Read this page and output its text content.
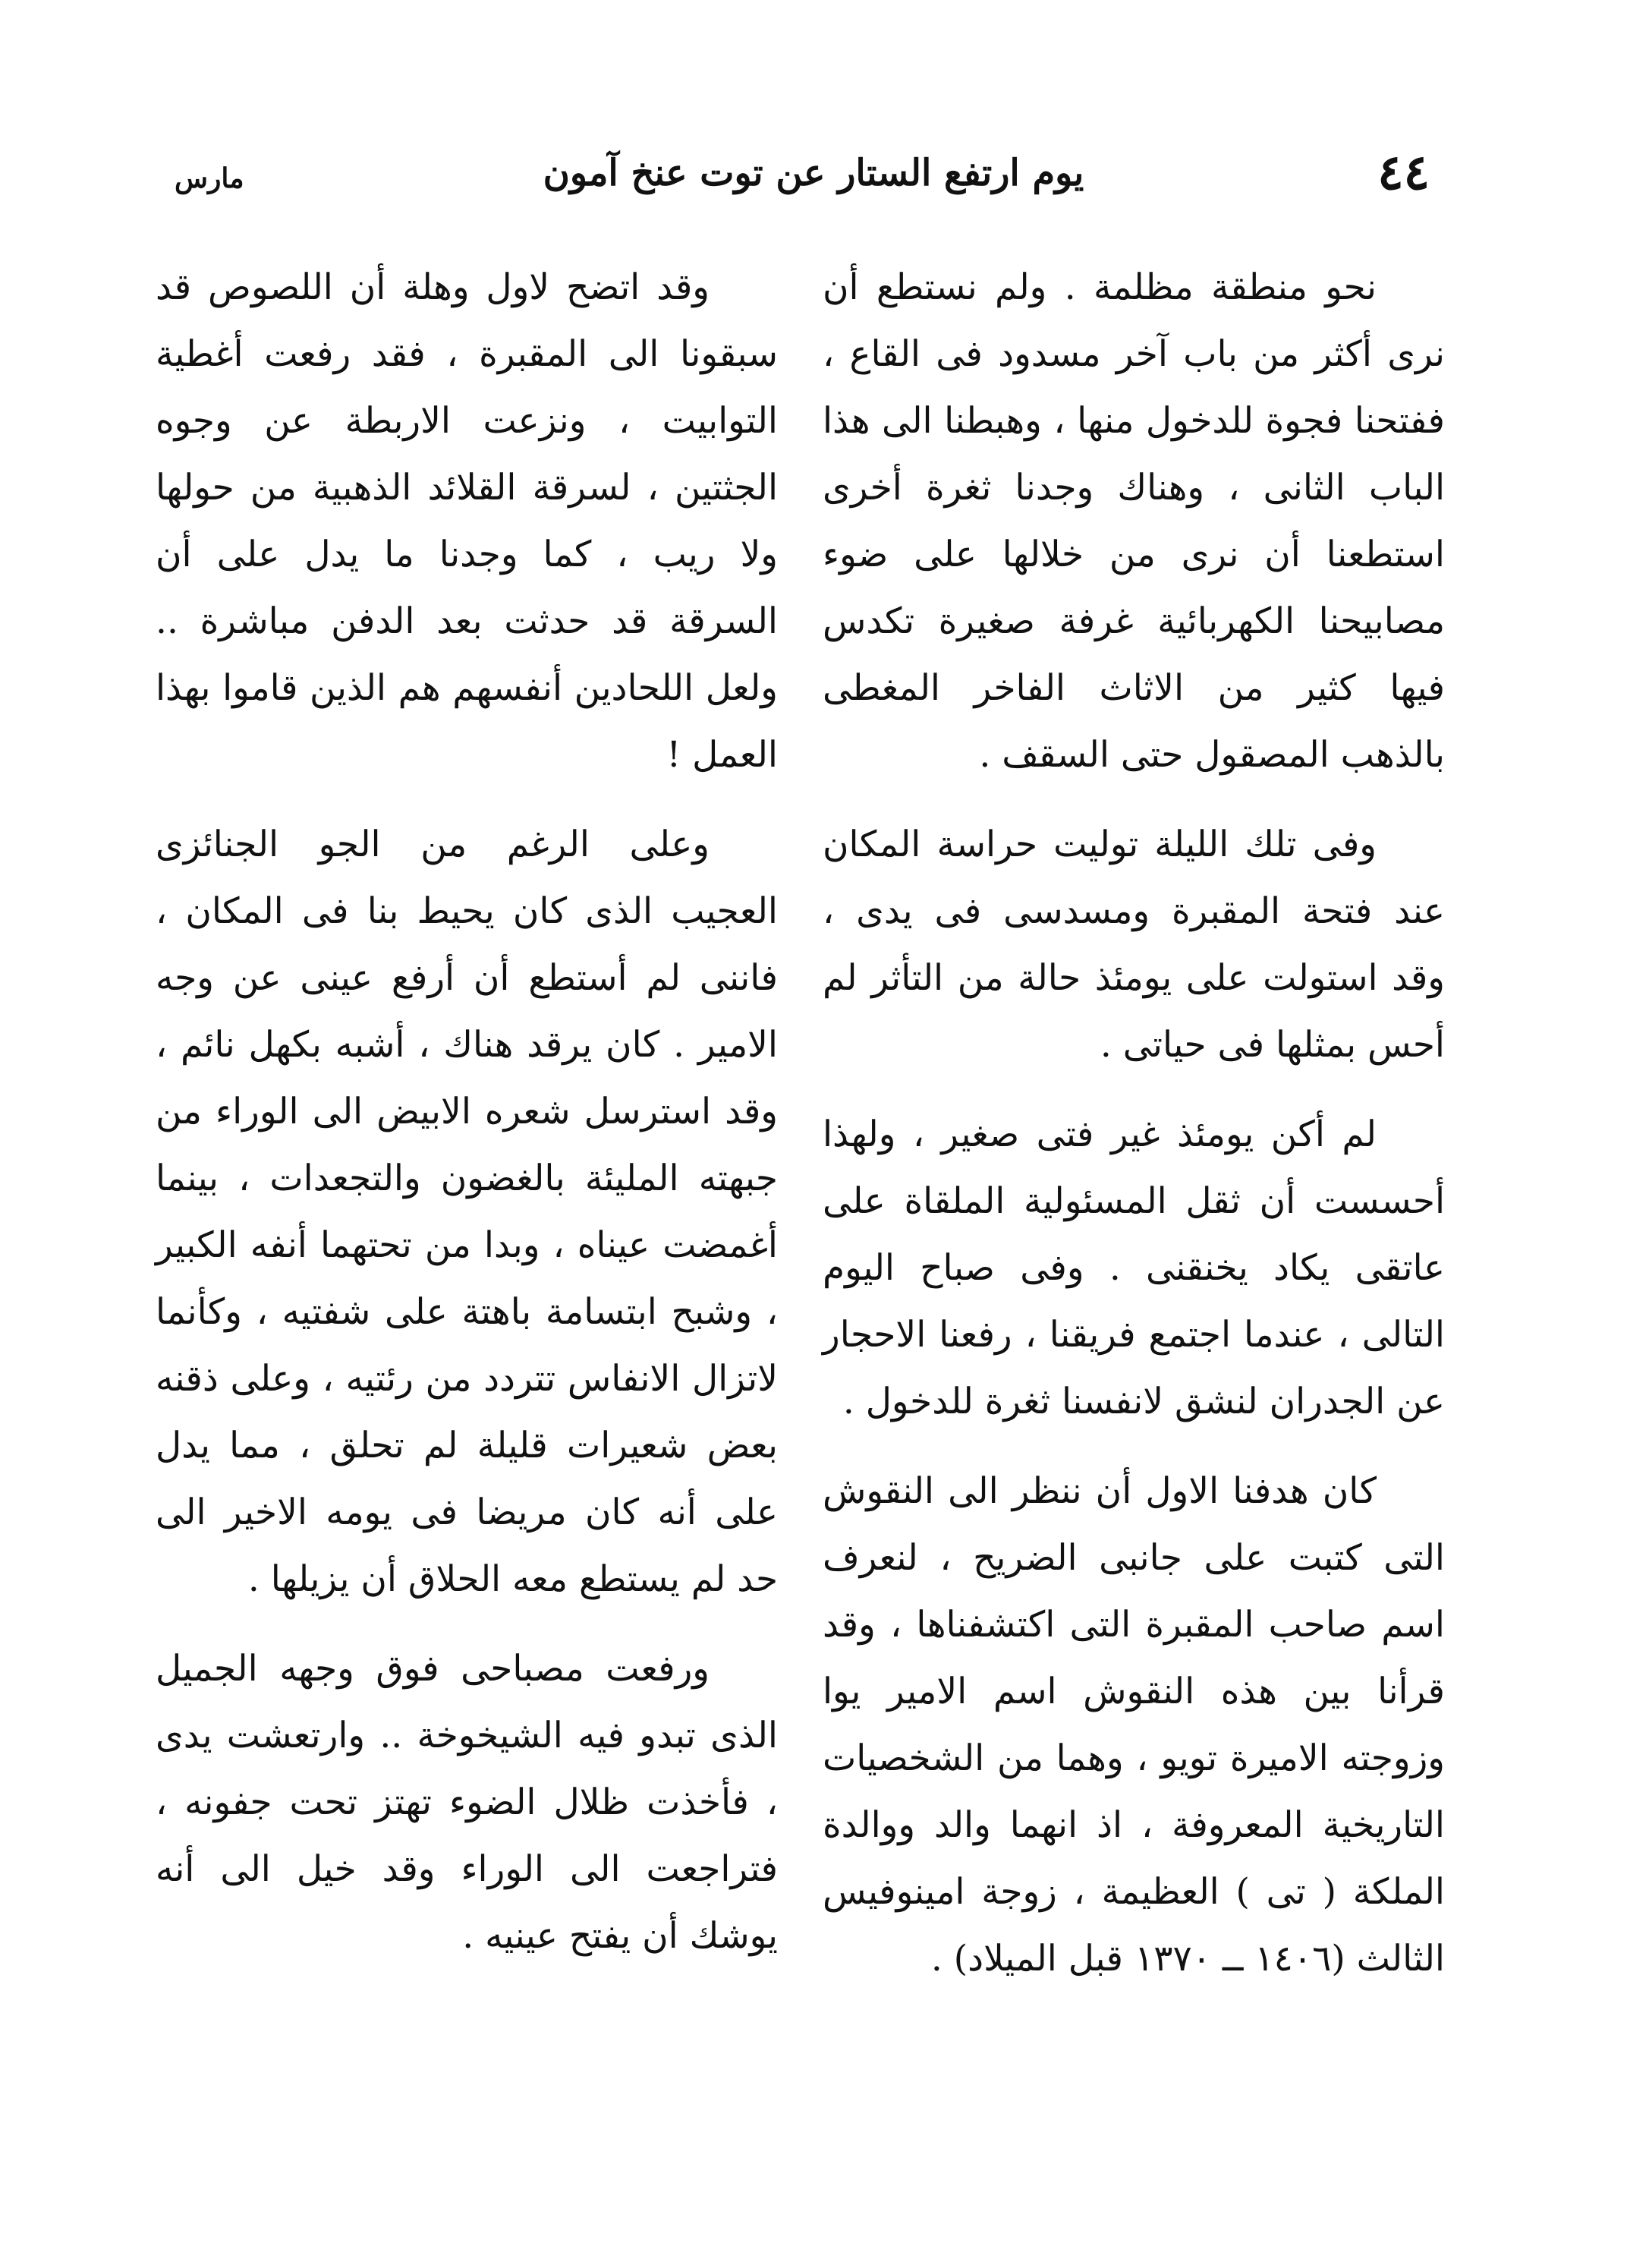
٤٤
يوم ارتفع الستار عن توت عنخ آمون
مارس

نحو منطقة مظلمة . ولم نستطع أن نرى أكثر من باب آخر مسدود فى القاع ، ففتحنا فجوة للدخول منها ، وهبطنا الى هذا الباب الثانى ، وهناك وجدنا ثغرة أخرى استطعنا أن نرى من خلالها على ضوء مصابيحنا الكهربائية غرفة صغيرة تكدس فيها كثير من الاثاث الفاخر المغطى بالذهب المصقول حتى السقف .

وفى تلك الليلة توليت حراسة المكان عند فتحة المقبرة ومسدسى فى يدى ، وقد استولت على يومئذ حالة من التأثر لم أحس بمثلها فى حياتى .

لم أكن يومئذ غير فتى صغير ، ولهذا أحسست أن ثقل المسئولية الملقاة على عاتقى يكاد يخنقنى . وفى صباح اليوم التالى ، عندما اجتمع فريقنا ، رفعنا الاحجار عن الجدران لنشق لانفسنا ثغرة للدخول .

كان هدفنا الاول أن ننظر الى النقوش التى كتبت على جانبى الضريح ، لنعرف اسم صاحب المقبرة التى اكتشفناها ، وقد قرأنا بين هذه النقوش اسم الامير يوا وزوجته الاميرة تويو ، وهما من الشخصيات التاريخية المعروفة ، اذ انهما والد ووالدة الملكة ( تى ) العظيمة ، زوجة امينوفيس الثالث (١٤٠٦ ــ ١٣٧٠ قبل الميلاد) .

وقد اتضح لاول وهلة أن اللصوص قد سبقونا الى المقبرة ، فقد رفعت أغطية التوابيت ، ونزعت الاربطة عن وجوه الجثتين ، لسرقة القلائد الذهبية من حولها ولا ريب ، كما وجدنا ما يدل على أن السرقة قد حدثت بعد الدفن مباشرة .. ولعل اللحادين أنفسهم هم الذين قاموا بهذا العمل !

وعلى الرغم من الجو الجنائزى العجيب الذى كان يحيط بنا فى المكان ، فاننى لم أستطع أن أرفع عينى عن وجه الامير . كان يرقد هناك ، أشبه بكهل نائم ، وقد استرسل شعره الابيض الى الوراء من جبهته المليئة بالغضون والتجعدات ، بينما أغمضت عيناه ، وبدا من تحتهما أنفه الكبير ، وشبح ابتسامة باهتة على شفتيه ، وكأنما لاتزال الانفاس تتردد من رئتيه ، وعلى ذقنه بعض شعيرات قليلة لم تحلق ، مما يدل على أنه كان مريضا فى يومه الاخير الى حد لم يستطع معه الحلاق أن يزيلها .

ورفعت مصباحى فوق وجهه الجميل الذى تبدو فيه الشيخوخة .. وارتعشت يدى ، فأخذت ظلال الضوء تهتز تحت جفونه ، فتراجعت الى الوراء وقد خيل الى أنه يوشك أن يفتح عينيه .
